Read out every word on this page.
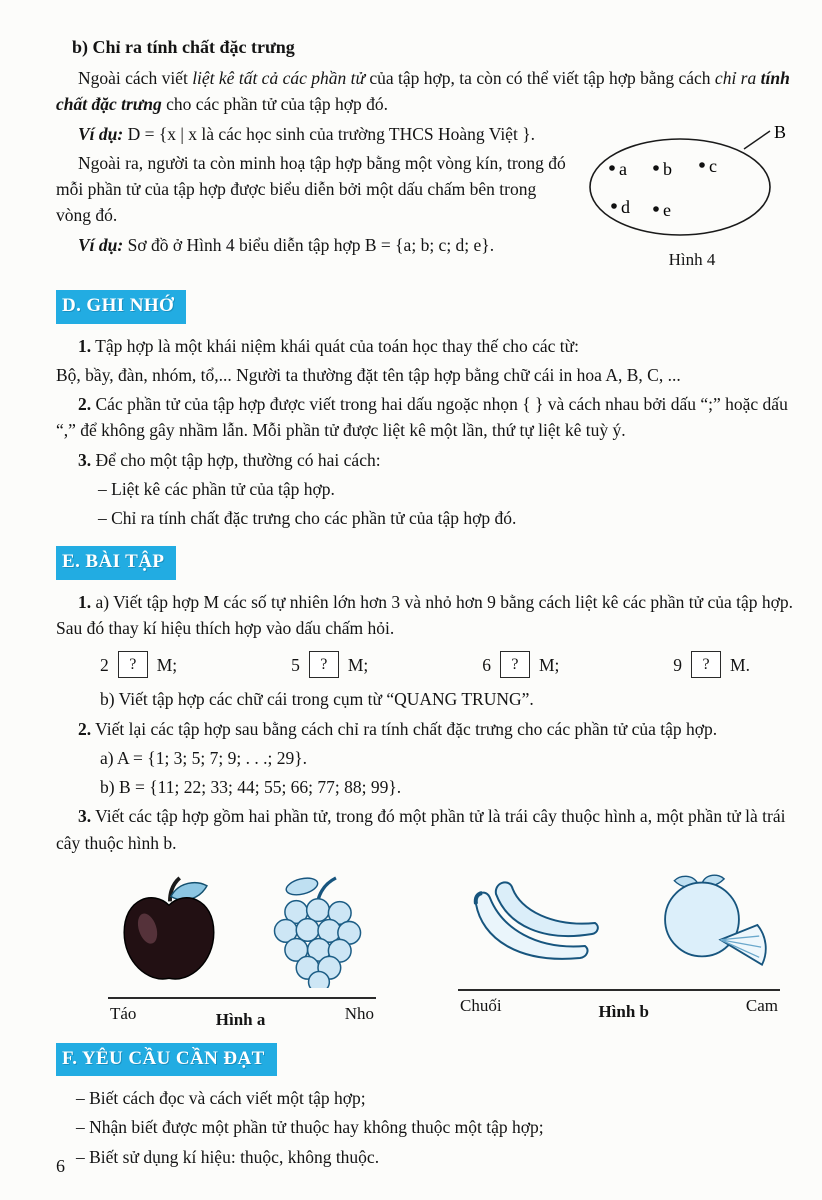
b) Chỉ ra tính chất đặc trưng

Ngoài cách viết liệt kê tất cả các phần tử của tập hợp, ta còn có thể viết tập hợp bằng cách chỉ ra tính chất đặc trưng cho các phần tử của tập hợp đó.

B
a b c
d e
Hình 4

Ví dụ: D = {x | x là các học sinh của trường THCS Hoàng Việt }.

Ngoài ra, người ta còn minh hoạ tập hợp bằng một vòng kín, trong đó mỗi phần tử của tập hợp được biểu diễn bởi một dấu chấm bên trong vòng đó.

Ví dụ: Sơ đồ ở Hình 4 biểu diễn tập hợp B = {a; b; c; d; e}.

D. GHI NHỚ

1. Tập hợp là một khái niệm khái quát của toán học thay thế cho các từ:

Bộ, bầy, đàn, nhóm, tổ,... Người ta thường đặt tên tập hợp bằng chữ cái in hoa A, B, C, ...

2. Các phần tử của tập hợp được viết trong hai dấu ngoặc nhọn { } và cách nhau bởi dấu “;” hoặc dấu “,” để không gây nhầm lẫn. Mỗi phần tử được liệt kê một lần, thứ tự liệt kê tuỳ ý.

3. Để cho một tập hợp, thường có hai cách:

– Liệt kê các phần tử của tập hợp.

– Chỉ ra tính chất đặc trưng cho các phần tử của tập hợp đó.

E. BÀI TẬP

1. a) Viết tập hợp M các số tự nhiên lớn hơn 3 và nhỏ hơn 9 bằng cách liệt kê các phần tử của tập hợp. Sau đó thay kí hiệu thích hợp vào dấu chấm hỏi.

2	?	M;	5	?	M;	6	?	M;	9	?	M.

b) Viết tập hợp các chữ cái trong cụm từ “QUANG TRUNG”.

2. Viết lại các tập hợp sau bằng cách chỉ ra tính chất đặc trưng cho các phần tử của tập hợp.

a) A = {1; 3; 5; 7; 9; . . .; 29}.

b) B = {11; 22; 33; 44; 55; 66; 77; 88; 99}.

3. Viết các tập hợp gồm hai phần tử, trong đó một phần tử là trái cây thuộc hình a, một phần tử là trái cây thuộc hình b.

Táo	Hình a	Nho	Chuối	Hình b	Cam
F. YÊU CẦU CẦN ĐẠT

– Biết cách đọc và cách viết một tập hợp;

– Nhận biết được một phần tử thuộc hay không thuộc một tập hợp;

– Biết sử dụng kí hiệu: thuộc, không thuộc.

6
